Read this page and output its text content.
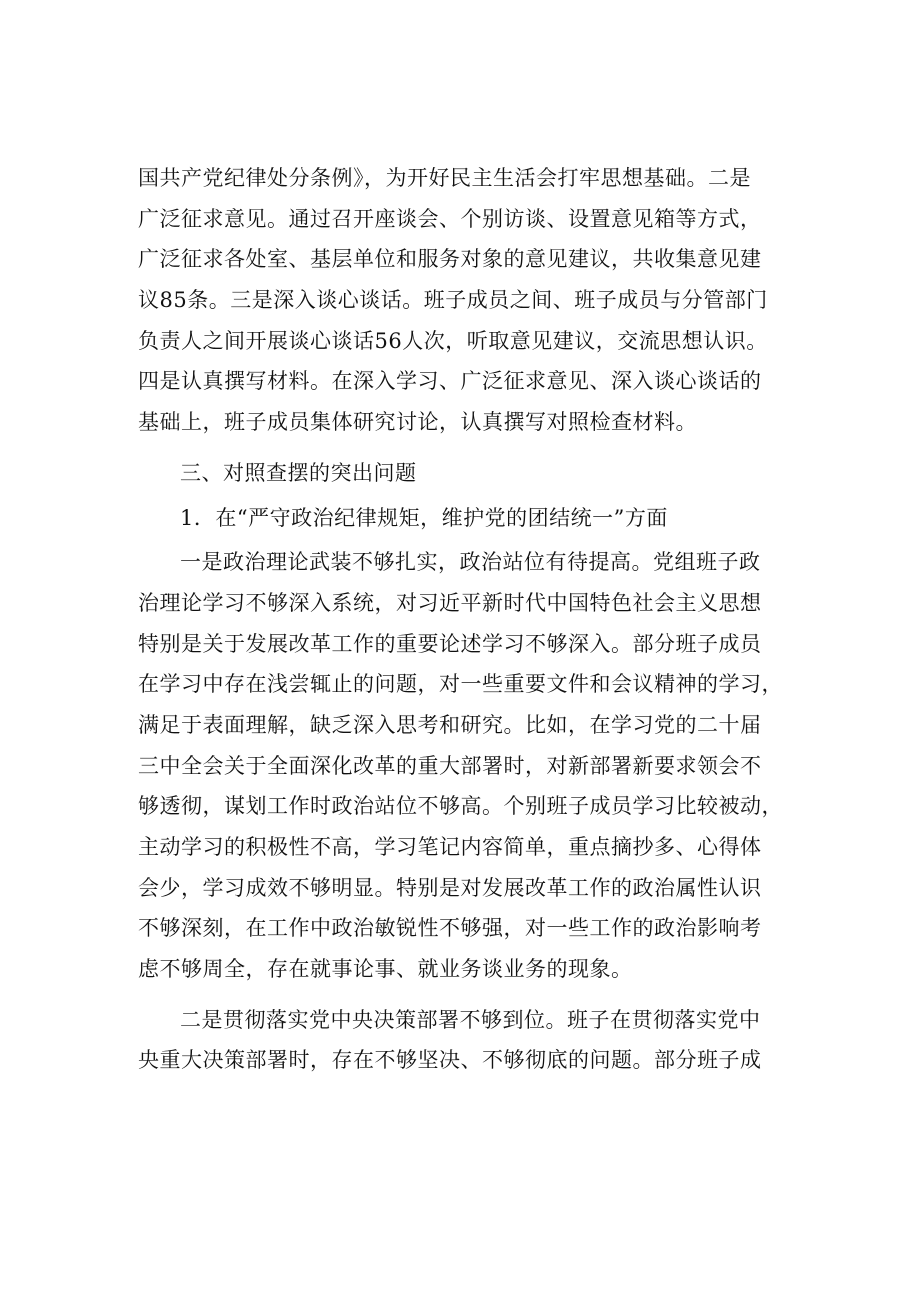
国共产党纪律处分条例》，为开好民主生活会打牢思想基础。二是
广泛征求意见。通过召开座谈会、个别访谈、设置意见箱等方式，
广泛征求各处室、基层单位和服务对象的意见建议，共收集意见建
议85条。三是深入谈心谈话。班子成员之间、班子成员与分管部门
负责人之间开展谈心谈话56人次，听取意见建议，交流思想认识。
四是认真撰写材料。在深入学习、广泛征求意见、深入谈心谈话的
基础上，班子成员集体研究讨论，认真撰写对照检查材料。
三、对照查摆的突出问题
1．在“严守政治纪律规矩，维护党的团结统一”方面
一是政治理论武装不够扎实，政治站位有待提高。党组班子政
治理论学习不够深入系统，对习近平新时代中国特色社会主义思想
特别是关于发展改革工作的重要论述学习不够深入。部分班子成员
在学习中存在浅尝辄止的问题，对一些重要文件和会议精神的学习，
满足于表面理解，缺乏深入思考和研究。比如，在学习党的二十届
三中全会关于全面深化改革的重大部署时，对新部署新要求领会不
够透彻，谋划工作时政治站位不够高。个别班子成员学习比较被动，
主动学习的积极性不高，学习笔记内容简单，重点摘抄多、心得体
会少，学习成效不够明显。特别是对发展改革工作的政治属性认识
不够深刻，在工作中政治敏锐性不够强，对一些工作的政治影响考
虑不够周全，存在就事论事、就业务谈业务的现象。
二是贯彻落实党中央决策部署不够到位。班子在贯彻落实党中
央重大决策部署时，存在不够坚决、不够彻底的问题。部分班子成
